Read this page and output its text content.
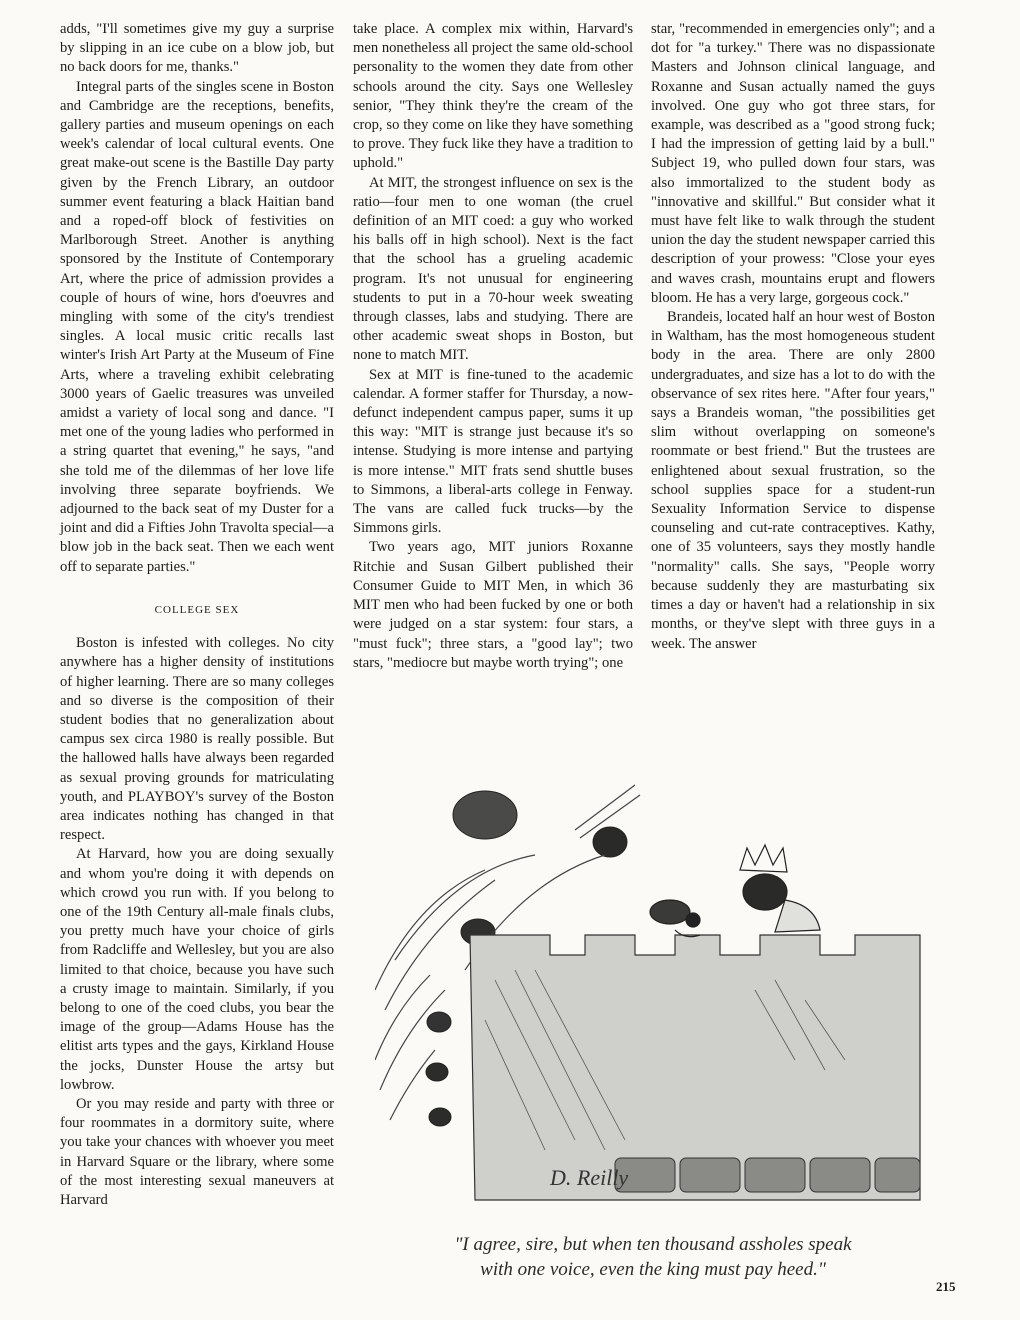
adds, "I'll sometimes give my guy a surprise by slipping in an ice cube on a blow job, but no back doors for me, thanks."

Integral parts of the singles scene in Boston and Cambridge are the receptions, benefits, gallery parties and museum openings on each week's calendar of local cultural events. One great make-out scene is the Bastille Day party given by the French Library, an outdoor summer event featuring a black Haitian band and a roped-off block of festivities on Marlborough Street. Another is anything sponsored by the Institute of Contemporary Art, where the price of admission provides a couple of hours of wine, hors d'oeuvres and mingling with some of the city's trendiest singles. A local music critic recalls last winter's Irish Art Party at the Museum of Fine Arts, where a traveling exhibit celebrating 3000 years of Gaelic treasures was unveiled amidst a variety of local song and dance. "I met one of the young ladies who performed in a string quartet that evening," he says, "and she told me of the dilemmas of her love life involving three separate boyfriends. We adjourned to the back seat of my Duster for a joint and did a Fifties John Travolta special—a blow job in the back seat. Then we each went off to separate parties."

COLLEGE SEX

Boston is infested with colleges. No city anywhere has a higher density of institutions of higher learning. There are so many colleges and so diverse is the composition of their student bodies that no generalization about campus sex circa 1980 is really possible. But the hallowed halls have always been regarded as sexual proving grounds for matriculating youth, and PLAYBOY's survey of the Boston area indicates nothing has changed in that respect.

At Harvard, how you are doing sexually and whom you're doing it with depends on which crowd you run with. If you belong to one of the 19th Century all-male finals clubs, you pretty much have your choice of girls from Radcliffe and Wellesley, but you are also limited to that choice, because you have such a crusty image to maintain. Similarly, if you belong to one of the coed clubs, you bear the image of the group—Adams House has the elitist arts types and the gays, Kirkland House the jocks, Dunster House the artsy but lowbrow.

Or you may reside and party with three or four roommates in a dormitory suite, where you take your chances with whoever you meet in Harvard Square or the library, where some of the most interesting sexual maneuvers at Harvard

take place. A complex mix within, Harvard's men nonetheless all project the same old-school personality to the women they date from other schools around the city. Says one Wellesley senior, "They think they're the cream of the crop, so they come on like they have something to prove. They fuck like they have a tradition to uphold."

At MIT, the strongest influence on sex is the ratio—four men to one woman (the cruel definition of an MIT coed: a guy who worked his balls off in high school). Next is the fact that the school has a grueling academic program. It's not unusual for engineering students to put in a 70-hour week sweating through classes, labs and studying. There are other academic sweat shops in Boston, but none to match MIT.

Sex at MIT is fine-tuned to the academic calendar. A former staffer for Thursday, a now-defunct independent campus paper, sums it up this way: "MIT is strange just because it's so intense. Studying is more intense and partying is more intense." MIT frats send shuttle buses to Simmons, a liberal-arts college in Fenway. The vans are called fuck trucks—by the Simmons girls.

Two years ago, MIT juniors Roxanne Ritchie and Susan Gilbert published their Consumer Guide to MIT Men, in which 36 MIT men who had been fucked by one or both were judged on a star system: four stars, a "must fuck"; three stars, a "good lay"; two stars, "mediocre but maybe worth trying"; one

star, "recommended in emergencies only"; and a dot for "a turkey." There was no dispassionate Masters and Johnson clinical language, and Roxanne and Susan actually named the guys involved. One guy who got three stars, for example, was described as a "good strong fuck; I had the impression of getting laid by a bull." Subject 19, who pulled down four stars, was also immortalized to the student body as "innovative and skillful." But consider what it must have felt like to walk through the student union the day the student newspaper carried this description of your prowess: "Close your eyes and waves crash, mountains erupt and flowers bloom. He has a very large, gorgeous cock."

Brandeis, located half an hour west of Boston in Waltham, has the most homogeneous student body in the area. There are only 2800 undergraduates, and size has a lot to do with the observance of sex rites here. "After four years," says a Brandeis woman, "the possibilities get slim without overlapping on someone's roommate or best friend." But the trustees are enlightened about sexual frustration, so the school supplies space for a student-run Sexuality Information Service to dispense counseling and cut-rate contraceptives. Kathy, one of 35 volunteers, says they mostly handle "normality" calls. She says, "People worry because suddenly they are masturbating six times a day or haven't had a relationship in six months, or they've slept with three guys in a week. The answer

D. Reilly
"I agree, sire, but when ten thousand assholes speak
with one voice, even the king must pay heed."
215
